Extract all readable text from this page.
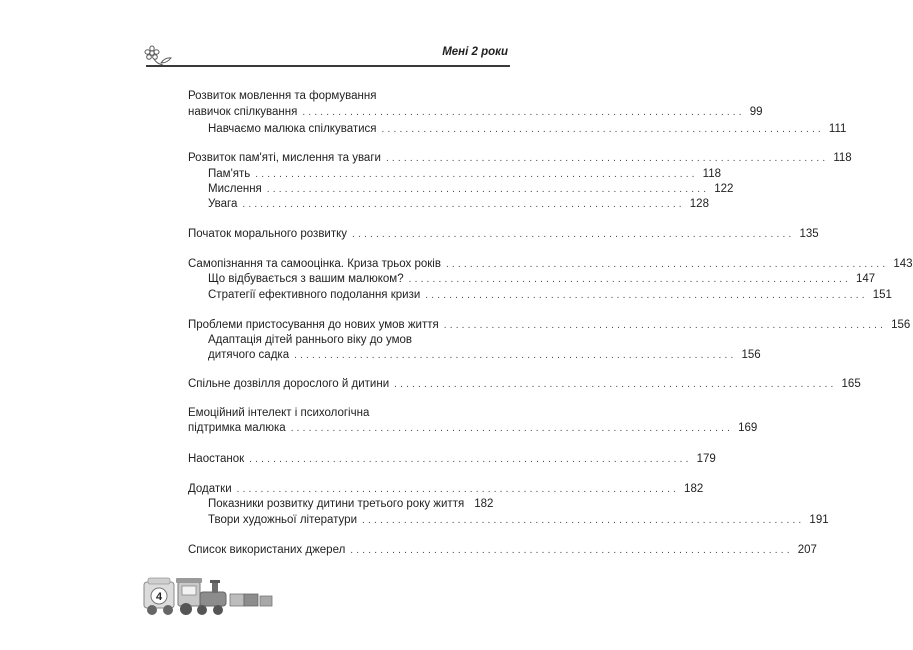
Мені 2 роки
Розвиток мовлення та формування
навичок спілкування .......................................................................... 99
Навчаємо малюка спілкуватися .......................................................................... 111
Розвиток пам'яті, мислення та уваги .......................................................................... 118
Пам'ять .......................................................................... 118
Мислення .......................................................................... 122
Увага .......................................................................... 128
Початок морального розвитку .......................................................................... 135
Самопізнання та самооцінка. Криза трьох років .......................................................................... 143
Що відбувається з вашим малюком? .......................................................................... 147
Стратегії ефективного подолання кризи .......................................................................... 151
Проблеми пристосування до нових умов життя .......................................................................... 156
Адаптація дітей раннього віку до умов
дитячого садка .......................................................................... 156
Спільне дозвілля дорослого й дитини .......................................................................... 165
Емоційний інтелект і психологічна
підтримка малюка .......................................................................... 169
Наостанок .......................................................................... 179
Додатки .......................................................................... 182
Показники розвитку дитини третього року життя 182
Твори художньої літератури .......................................................................... 191
Список використаних джерел .......................................................................... 207
4
